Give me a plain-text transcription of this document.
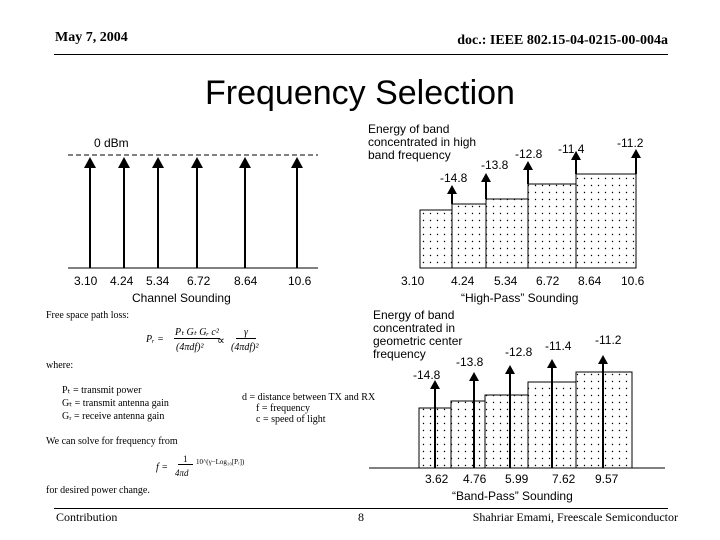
May 7, 2004	doc.: IEEE 802.15-04-0215-00-004a
Frequency Selection
0 dBm
3.10 4.24 5.34 6.72 8.64	10.6
Channel Sounding
Energy of band
concentrated in high
band frequency
-14.8
-13.8
-12.8 -11.4	-11.2
3.10 4.24 5.34 6.72 8.64 10.6
“High-Pass” Sounding
Energy of band
concentrated in
geometric center
frequency
-14.8
-13.8
-12.8 -11.4 -11.2
3.62 4.76 5.99 7.62 9.57
“Band-Pass” Sounding
Free space path loss:
Pᵣ =
Pₜ Gₜ Gᵣ c²
(4πdf)²
∝
γ
(4πdf)²
where:
Pₜ = transmit power
Gₜ = transmit antenna gain
Gᵣ = receive antenna gain
d = distance between TX and RX
f = frequency
c = speed of light
We can solve for frequency from
f =
1
4πd
10^(γ−Log₁₀[Pᵣ])
for desired power change.
Contribution	8	Shahriar Emami, Freescale Semiconductor
